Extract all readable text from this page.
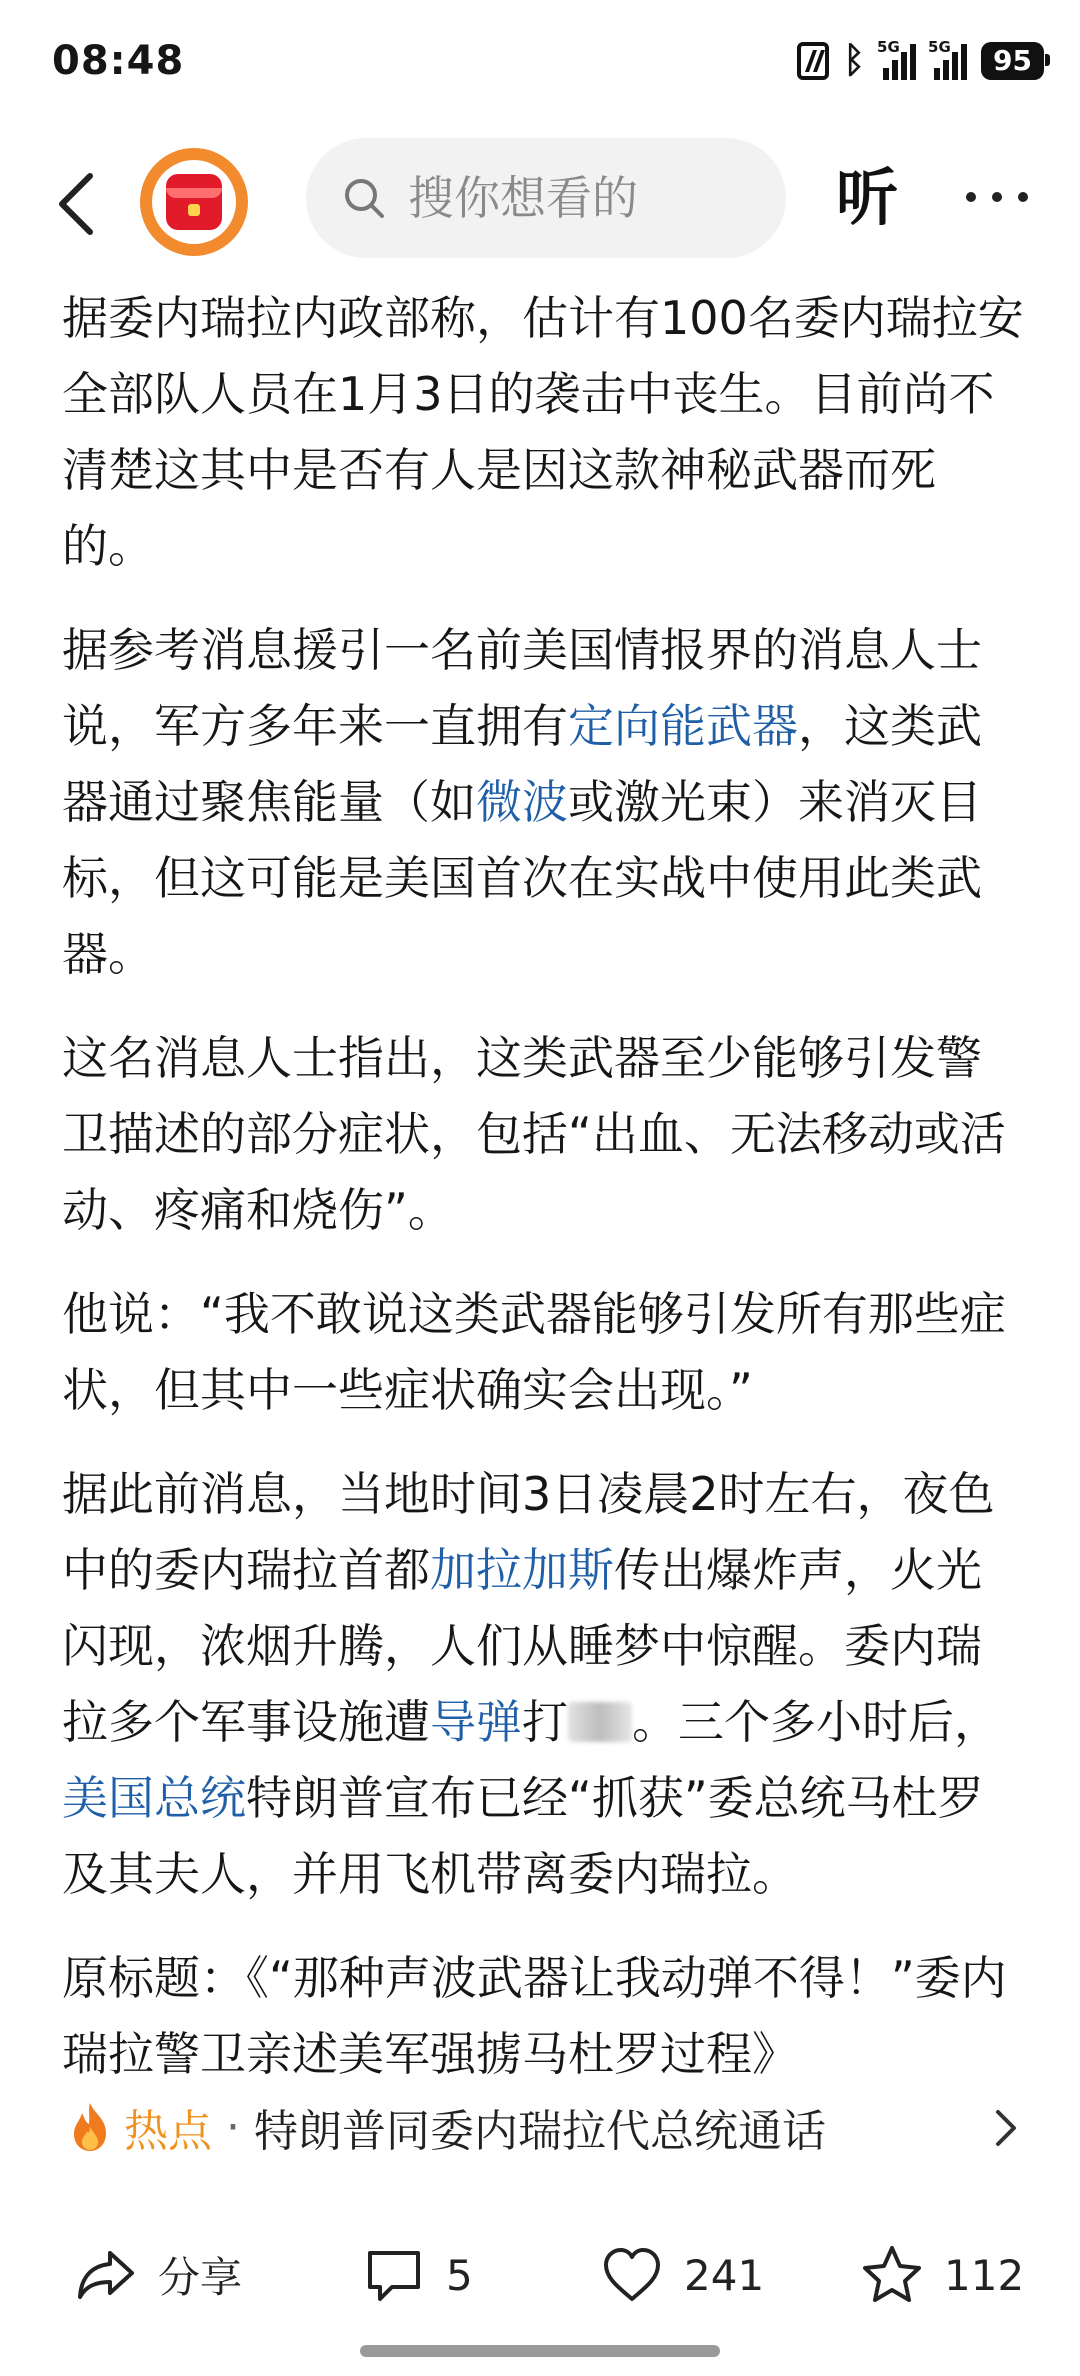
08:48	ᛒ 5G 5G	95
搜你想看的	听

据委内瑞拉内政部称，估计有100名委内瑞拉安全部队人员在1月3日的袭击中丧生。目前尚不清楚这其中是否有人是因这款神秘武器而死的。

据参考消息援引一名前美国情报界的消息人士说，军方多年来一直拥有定向能武器，这类武器通过聚焦能量（如微波或激光束）来消灭目标，但这可能是美国首次在实战中使用此类武器。

这名消息人士指出，这类武器至少能够引发警卫描述的部分症状，包括“出血、无法移动或活动、疼痛和烧伤”。

他说：“我不敢说这类武器能够引发所有那些症状，但其中一些症状确实会出现。”

据此前消息，当地时间3日凌晨2时左右，夜色中的委内瑞拉首都加拉加斯传出爆炸声，火光闪现，浓烟升腾，人们从睡梦中惊醒。委内瑞拉多个军事设施遭导弹打 。三个多小时后，美国总统特朗普宣布已经“抓获”委总统马杜罗及其夫人，并用飞机带离委内瑞拉。

原标题：《“那种声波武器让我动弹不得！”委内瑞拉警卫亲述美军强掳马杜罗过程》

热点 · 特朗普同委内瑞拉代总统通话
分享	5	241	112
